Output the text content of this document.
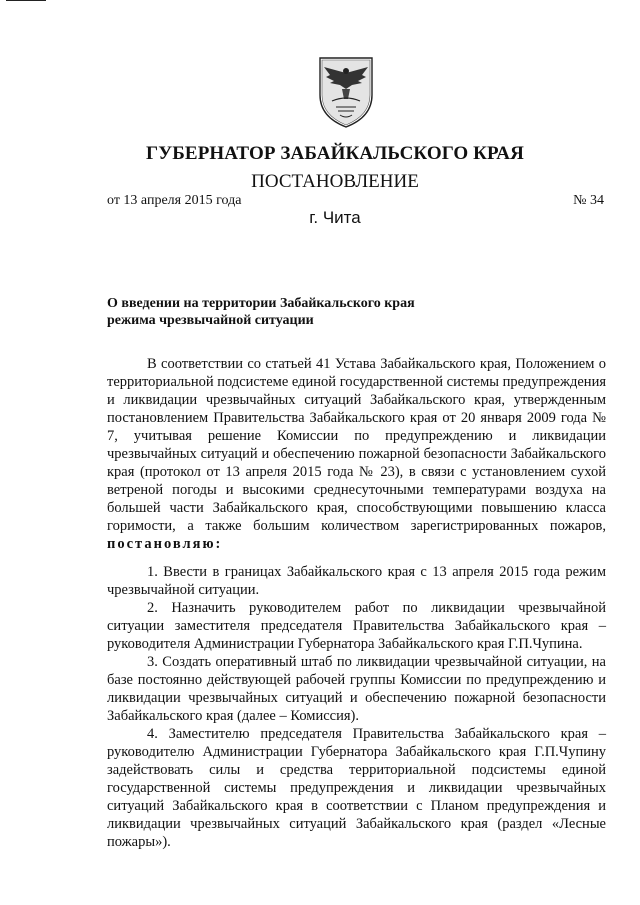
ГУБЕРНАТОР ЗАБАЙКАЛЬСКОГО КРАЯ
ПОСТАНОВЛЕНИЕ
от 13 апреля 2015 года	№ 34
г. Чита
О введении на территории Забайкальского края
режима чрезвычайной ситуации

В соответствии со статьей 41 Устава Забайкальского края, Положением о территориальной подсистеме единой государственной системы предупреждения и ликвидации чрезвычайных ситуаций Забайкальского края, утвержденным постановлением Правительства Забайкальского края от 20 января 2009 года № 7, учитывая решение Комиссии по предупреждению и ликвидации чрезвычайных ситуаций и обеспечению пожарной безопасности Забайкальского края (протокол от 13 апреля 2015 года № 23), в связи с установлением сухой ветреной погоды и высокими среднесуточными температурами воздуха на большей части Забайкальского края, способствующими повышению класса горимости, а также большим количеством зарегистрированных пожаров, постановляю:

1. Ввести в границах Забайкальского края с 13 апреля 2015 года режим чрезвычайной ситуации.

2. Назначить руководителем работ по ликвидации чрезвычайной ситуации заместителя председателя Правительства Забайкальского края – руководителя Администрации Губернатора Забайкальского края Г.П.Чупина.

3. Создать оперативный штаб по ликвидации чрезвычайной ситуации, на базе постоянно действующей рабочей группы Комиссии по предупреждению и ликвидации чрезвычайных ситуаций и обеспечению пожарной безопасности Забайкальского края (далее – Комиссия).

4. Заместителю председателя Правительства Забайкальского края – руководителю Администрации Губернатора Забайкальского края Г.П.Чупину задействовать силы и средства территориальной подсистемы единой государственной системы предупреждения и ликвидации чрезвычайных ситуаций Забайкальского края в соответствии с Планом предупреждения и ликвидации чрезвычайных ситуаций Забайкальского края (раздел «Лесные пожары»).
